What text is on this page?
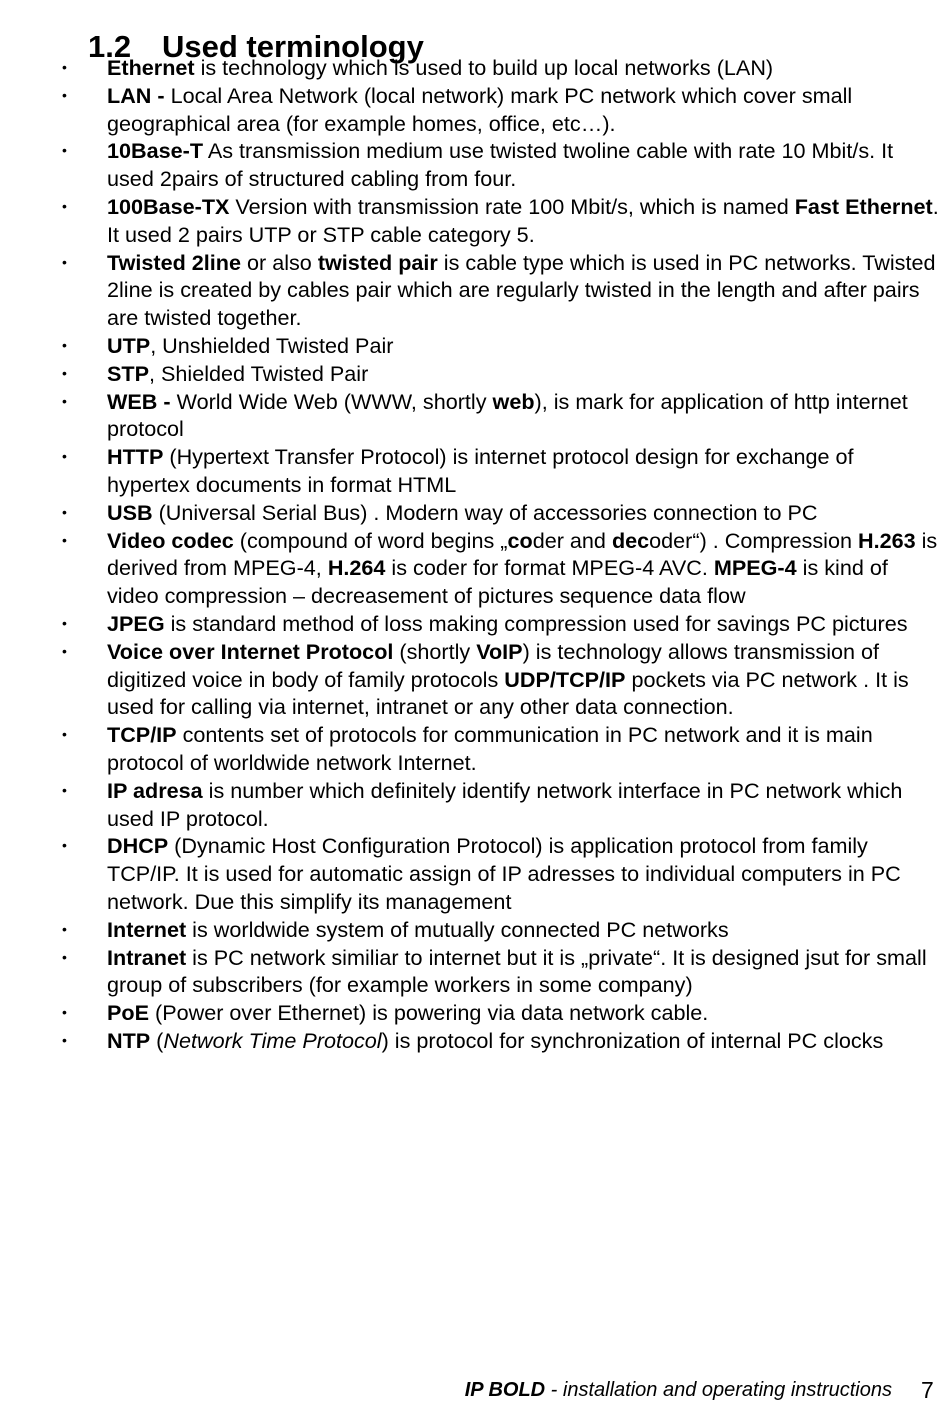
1.2 Used terminology
• Ethernet is technology which is used to build up local networks (LAN)
• LAN - Local Area Network (local network) mark PC network which cover small geographical area (for example homes, office, etc…).
• 10Base-T As transmission medium use twisted twoline cable with rate 10 Mbit/s. It used 2pairs of structured cabling from four.
• 100Base-TX Version with transmission rate 100 Mbit/s, which is named Fast Ethernet. It used 2 pairs UTP or STP cable category 5.
• Twisted 2line or also twisted pair is cable type which is used in PC networks. Twisted 2line is created by cables pair which are regularly twisted in the length and after pairs are twisted together.
• UTP, Unshielded Twisted Pair
• STP, Shielded Twisted Pair
• WEB - World Wide Web (WWW, shortly web), is mark for application of http internet protocol
• HTTP (Hypertext Transfer Protocol) is internet protocol design for exchange of hypertex documents in format HTML
• USB (Universal Serial Bus) . Modern way of accessories connection to PC
• Video codec (compound of word begins „coder and decoder“) . Compression H.263 is derived from MPEG-4, H.264 is coder for format MPEG-4 AVC. MPEG-4 is kind of video compression – decreasement of pictures sequence data flow
• JPEG is standard method of loss making compression used for savings PC pictures
• Voice over Internet Protocol (shortly VoIP) is technology allows transmission of digitized voice in body of family protocols UDP/TCP/IP pockets via PC network . It is used for calling via internet, intranet or any other data connection.
• TCP/IP contents set of protocols for communication in PC network and it is main protocol of worldwide network Internet.
• IP adresa is number which definitely identify network interface in PC network which used IP protocol.
• DHCP (Dynamic Host Configuration Protocol) is application protocol from family TCP/IP. It is used for automatic assign of IP adresses to individual computers in PC network. Due this simplify its management
• Internet is worldwide system of mutually connected PC networks
• Intranet is PC network similiar to internet but it is „private“. It is designed jsut for small group of subscribers (for example workers in some company)
• PoE (Power over Ethernet) is powering via data network cable.
• NTP (Network Time Protocol) is protocol for synchronization of internal PC clocks
IP BOLD - installation and operating instructions 7
